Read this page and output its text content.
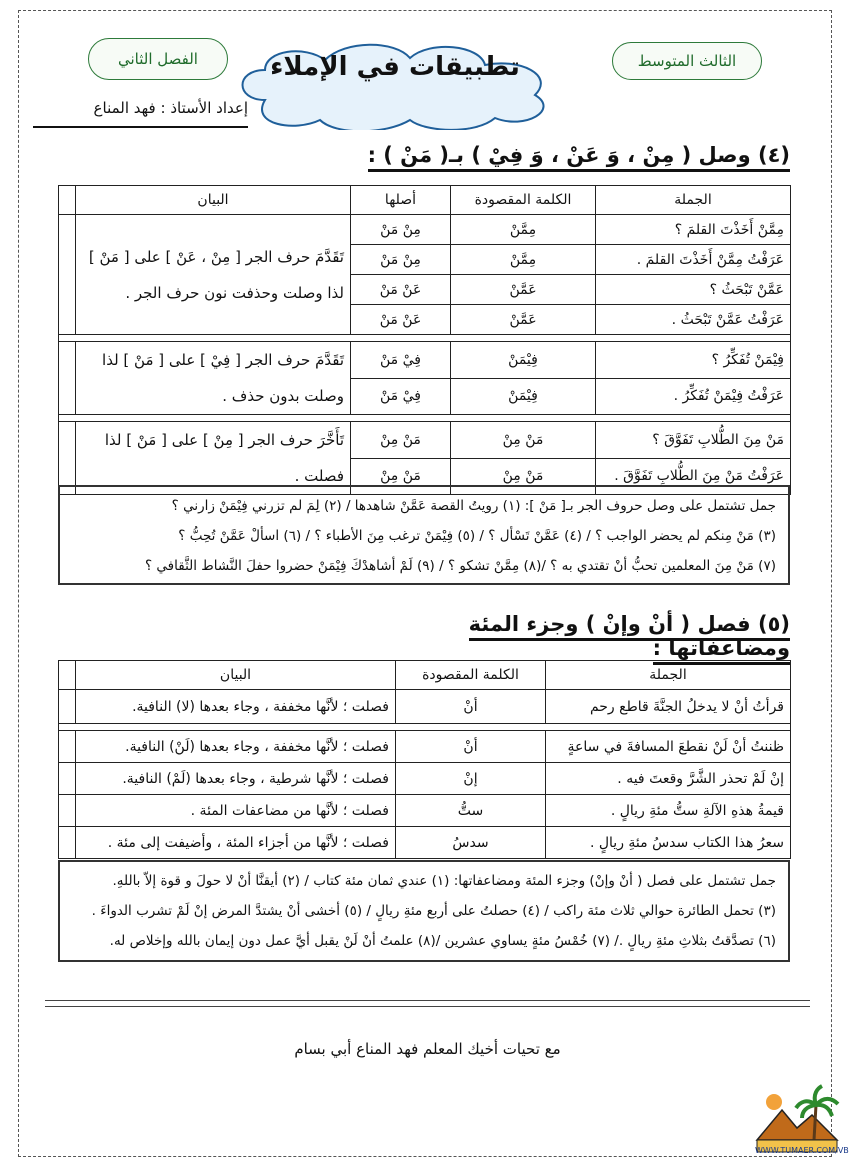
الثالث المتوسط
الفصل الثاني	تطبيقات في الإملاء
إعداد الأستاذ : فهد المناع
(٤) وصل ( مِنْ ، وَ عَنْ ، وَ فِيْ ) بـ( مَنْ ) :
الجملة	الكلمة المقصودة	أصلها	البيان	
مِمَّنْ أَخَذْتَ القلمَ ؟	مِمَّنْ	مِنْ مَنْ	تَقَدَّمَ حرف الجر [ مِنْ ، عَنْ ] على [ مَنْ ] لذا وصلت وحذفت نون حرف الجر .	
عَرَفْتُ مِمَّنْ أَخَذْتَ القلمَ .	مِمَّنْ	مِنْ مَنْ		
عَمَّنْ تَبْحَثُ ؟	عَمَّنْ	عَنْ مَنْ		
عَرَفْتُ عَمَّنْ تَبْحَثُ .	عَمَّنْ	عَنْ مَنْ		

فِيْمَنْ تُفَكِّرُ ؟	فِيْمَنْ	فِيْ مَنْ	تَقَدَّمَ حرف الجر [ فِيْ ] على [ مَنْ ] لذا وصلت بدون حذف .	
عَرَفْتُ فِيْمَنْ تُفَكِّرُ .	فِيْمَنْ	فِيْ مَنْ		

مَنْ مِنَ الطُّلابِ تَفَوَّقَ ؟	مَنْ مِنْ	مَنْ مِنْ	تَأَخَّرَ حرف الجر [ مِنْ ] على [ مَنْ ] لذا فصلت .	
عَرَفْتُ مَنْ مِنَ الطُّلابِ تَفَوَّقَ .	مَنْ مِنْ	مَنْ مِنْ		
جمل تشتمل على وصل حروف الجر بـ[ مَنْ ]: (١) رويتُ القصة عَمَّنْ شاهدها / (٢) لِمَ لم تزرني فِيْمَنْ زارني ؟
(٣) مَنْ مِنكم لم يحضر الواجب ؟ / (٤) عَمَّنْ تَسْأل ؟ / (٥) فِيْمَنْ ترغب مِنَ الأطباء ؟ / (٦) اسألْ عَمَّنْ تُحِبُّ ؟
(٧) مَنْ مِنَ المعلمين تحبُّ أنْ تقتدي به ؟ /(٨) مِمَّنْ تشكو ؟ / (٩) لَمْ أشاهدْكَ فِيْمَنْ حضروا حفلَ النَّشاط الثَّقافي ؟
(٥) فصل ( أنْ وإنْ ) وجزء المئة ومضاعفاتها :
الجملة	الكلمة المقصودة	البيان	
قرأتُ أنْ لا يدخلُ الجنَّةَ قاطع رحم	أنْ	فصلت ؛ لأنَّها مخففة ، وجاء بعدها (لا) النافية.	

ظننتُ أنْ لَنْ نقطعَ المسافةَ في ساعةٍ	أنْ	فصلت ؛ لأنَّها مخففة ، وجاء بعدها (لَنْ) النافية.	
إنْ لَمْ تحذر الشَّرَّ وقعتَ فيه .	إنْ	فصلت ؛ لأنَّها شرطية ، وجاء بعدها (لَمْ) النافية.	
قيمةُ هذهِ الآلةِ ستُّ مئةِ ريالٍ .	ستُّ	فصلت ؛ لأنَّها من مضاعفات المئة .	
سعرُ هذا الكتاب سدسُ مئةِ ريالٍ .	سدسُ	فصلت ؛ لأنَّها من أجزاء المئة ، وأضيفت إلى مئة .	
جمل تشتمل على فصل ( أنْ وإنْ) وجزء المئة ومضاعفاتها: (١) عندي ثمان مئة كتاب / (٢) أيقنَّا أنْ لا حولَ و قوة إلاّ باللهِ.
(٣) تحمل الطائرة حوالي ثلاث مئة راكب / (٤) حصلتُ على أربع مئةِ ريالٍ / (٥) أخشى أنْ يشتدَّ المرض إنْ لَمْ تشرب الدواءَ .
(٦) تصدَّقتُ بثلاثِ مئةِ ريالٍ ./ (٧) خُمْسُ مئةٍ يساوي عشرين /(٨) علمتُ أنْ لَنْ يقبل أيَّ عمل دون إيمان بالله وإخلاص له.
مع تحيات أخيك المعلم فهد المناع أبي بسام
WWW.TUMAER.COM/VB
